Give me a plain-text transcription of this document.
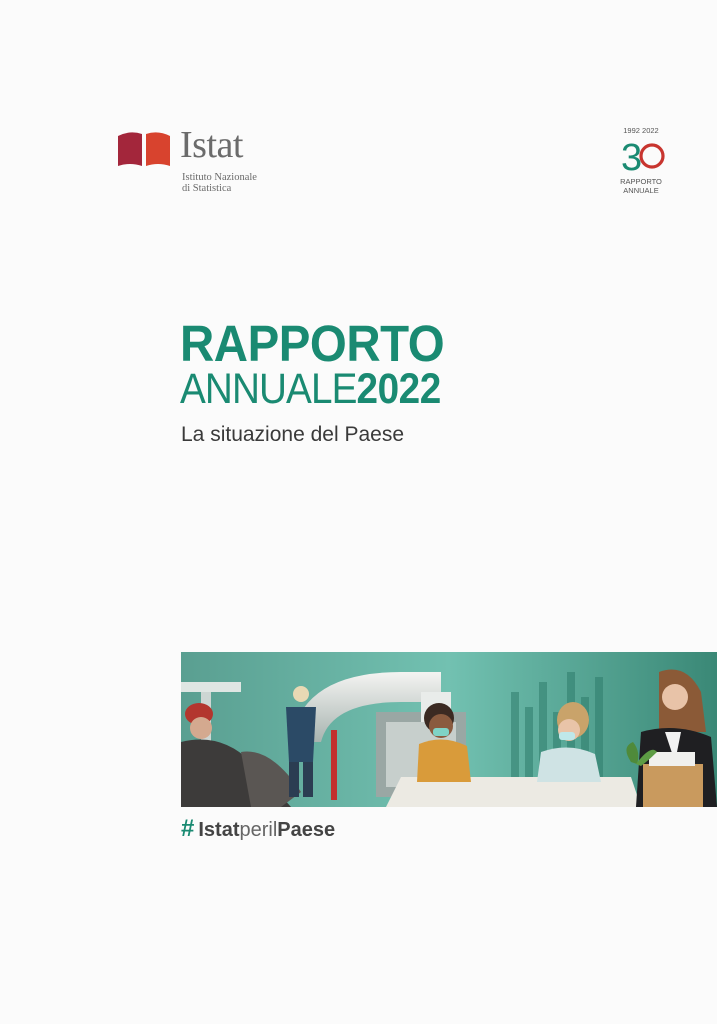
Istat
Istituto Nazionale
di Statistica
1992 2022
3
RAPPORTO
ANNUALE
RAPPORTO
ANNUALE2022
La situazione del Paese
# IstatperilPaese
